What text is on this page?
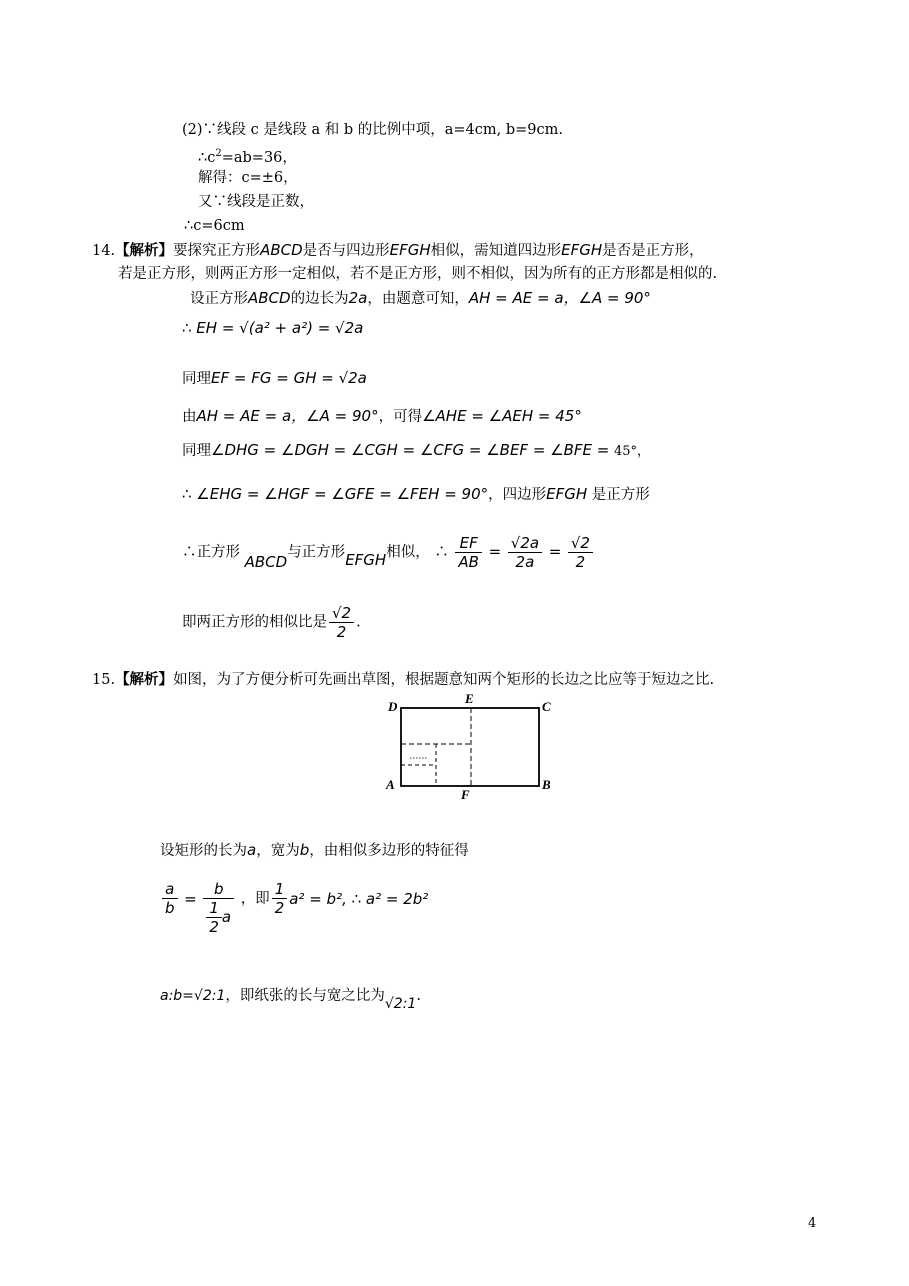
(2)∵线段 c 是线段 a 和 b 的比例中项，a=4cm, b=9cm.
$\therefore c^2=ab=36$，
解得：c=±6，
又∵线段是正数，
∴c=6cm
14.【解析】要探究正方形ABCD是否与四边形EFGH相似，需知道四边形EFGH是否是正方形，
若是正方形，则两正方形一定相似，若不是正方形，则不相似，因为所有的正方形都是相似的.
设正方形ABCD的边长为2a，由题意可知，AH = AE = a，∠A = 90°
∴ EH = √(a² + a²) = √2a
同理EF = FG = GH = √2a
由AH = AE = a，∠A = 90°，可得∠AHE = ∠AEH = 45°
同理∠DHG = ∠DGH = ∠CGH = ∠CFG = ∠BEF = ∠BFE = 45°，
∴ ∠EHG = ∠HGF = ∠GFE = ∠FEH = 90°，四边形EFGH 是正方形
∴正方形 ABCD与正方形EFGH相似， ∴ $\frac{EF}{AB} = \frac{√2a}{2a} = \frac{√2}{2}$
即两正方形的相似比是 $\frac{√2}{2}$ .
15.【解析】如图，为了方便分析可先画出草图，根据题意知两个矩形的长边之比应等于短边之比.
D
E
C
A
F
B
设矩形的长为a，宽为b，由相似多边形的特征得
$\frac{a}{b} = \frac{b}{\frac{1}{2} a}$ ，即 $\frac{1}{2} a^2 = b^2$, ∴ a² = 2b²
a:b=√2:1，即纸张的长与宽之比为√2:1.
4
